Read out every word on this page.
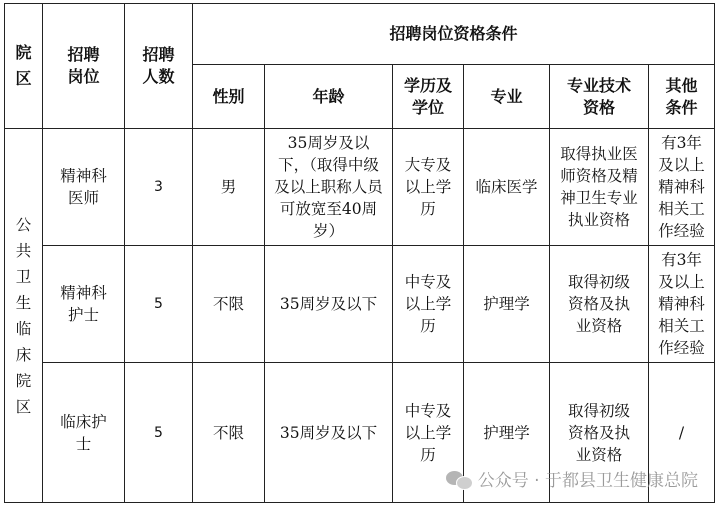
院区	招聘岗位	招聘人数	招聘岗位资格条件					
			性别	年龄	学历及学位	专业	专业技术资格	其他条件
公共卫生临床院区	精神科医师	3	男	35周岁及以下，（取得中级及以上职称人员可放宽至40周岁）	大专及以上学历	临床医学	取得执业医师资格及精神卫生专业执业资格	有3年及以上精神科相关工作经验
	精神科护士	5	不限	35周岁及以下	中专及以上学历	护理学	取得初级资格及执业资格	有3年及以上精神科相关工作经验
	临床护士	5	不限	35周岁及以下	中专及以上学历	护理学	取得初级资格及执业资格	/
公众号 · 于都县卫生健康总院
